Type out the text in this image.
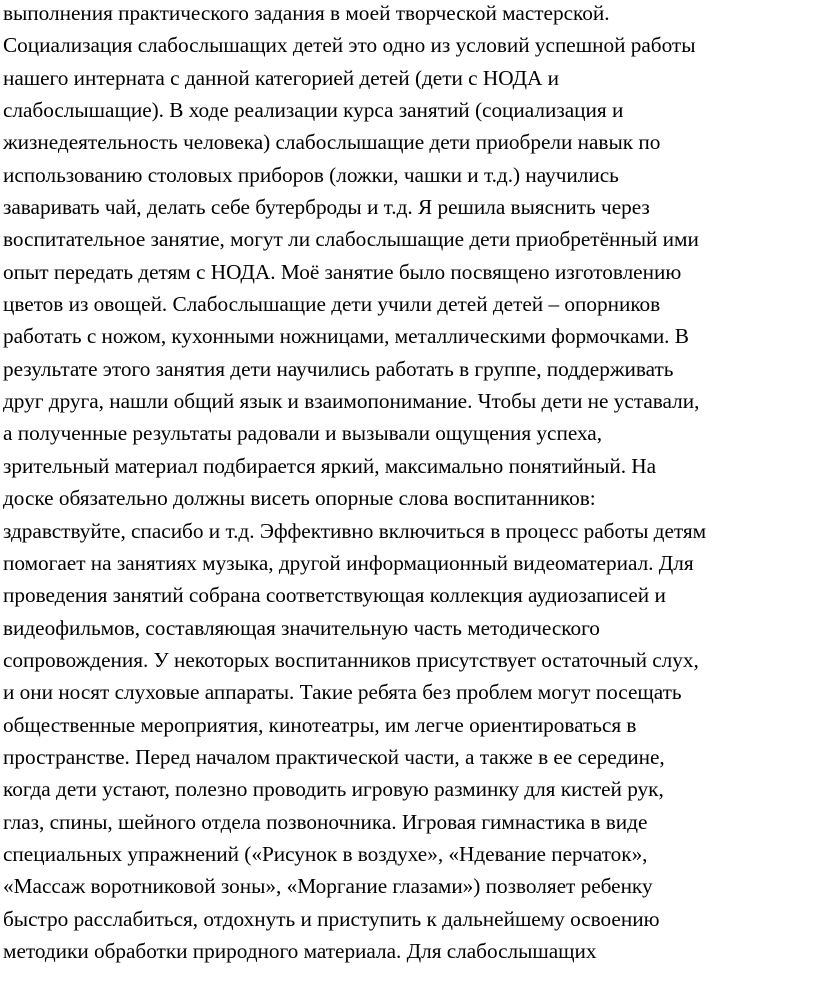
выполнения практического задания в моей творческой мастерской.
Социализация слабослышащих детей это одно из условий успешной работы
нашего интерната с данной категорией детей (дети с НОДА и
слабослышащие). В ходе реализации курса занятий (социализация и
жизнедеятельность человека) слабослышащие дети приобрели навык по
использованию столовых приборов (ложки, чашки и т.д.) научились
заваривать чай, делать себе бутерброды и т.д. Я решила выяснить через
воспитательное занятие, могут ли слабослышащие дети приобретённый ими
опыт передать детям с НОДА. Моё занятие было посвящено изготовлению
цветов из овощей. Слабослышащие дети учили детей детей – опорников
работать с ножом, кухонными ножницами, металлическими формочками. В
результате этого занятия дети научились работать в группе, поддерживать
друг друга, нашли общий язык и взаимопонимание. Чтобы дети не уставали,
а полученные результаты радовали и вызывали ощущения успеха,
зрительный материал подбирается яркий, максимально понятийный. На
доске обязательно должны висеть опорные слова воспитанников:
здравствуйте, спасибо и т.д. Эффективно включиться в процесс работы детям
помогает на занятиях музыка, другой информационный видеоматериал. Для
проведения занятий собрана соответствующая коллекция аудиозаписей и
видеофильмов, составляющая значительную часть методического
сопровождения. У некоторых воспитанников присутствует остаточный слух,
и они носят слуховые аппараты. Такие ребята без проблем могут посещать
общественные мероприятия, кинотеатры, им легче ориентироваться в
пространстве. Перед началом практической части, а также в ее середине,
когда дети устают, полезно проводить игровую разминку для кистей рук,
глаз, спины, шейного отдела позвоночника. Игровая гимнастика в виде
специальных упражнений («Рисунок в воздухе», «Ндевание перчаток»,
«Массаж воротниковой зоны», «Моргание глазами») позволяет ребенку
быстро расслабиться, отдохнуть и приступить к дальнейшему освоению
методики обработки природного материала. Для слабослышащих
